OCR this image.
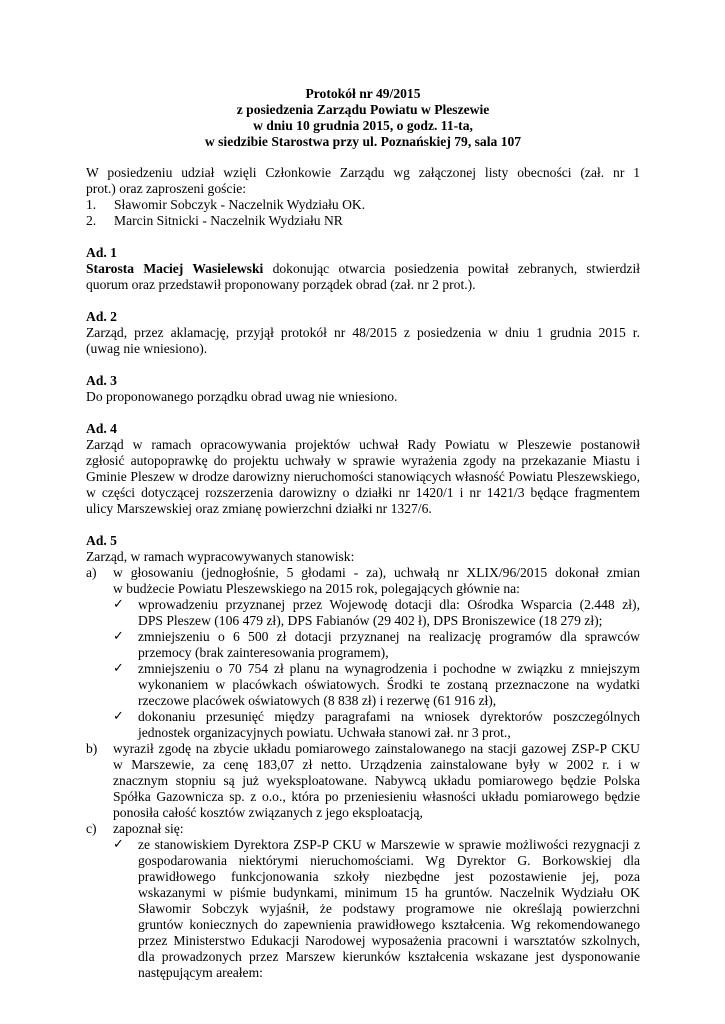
Protokół nr 49/2015
z posiedzenia Zarządu Powiatu w Pleszewie
w dniu 10 grudnia 2015, o godz. 11-ta,
w siedzibie Starostwa przy ul. Poznańskiej 79, sala 107

W posiedzeniu udział wzięli Członkowie Zarządu wg załączonej listy obecności (zał. nr 1

prot.) oraz zaproszeni goście:

1.	Sławomir Sobczyk - Naczelnik Wydziału OK.
2.	Marcin Sitnicki - Naczelnik Wydziału NR

Ad. 1

Starosta Maciej Wasielewski dokonując otwarcia posiedzenia powitał zebranych, stwierdził

quorum oraz przedstawił proponowany porządek obrad (zał. nr 2 prot.).

Ad. 2

Zarząd, przez aklamację, przyjął protokół nr 48/2015 z posiedzenia w dniu 1 grudnia 2015 r.

(uwag nie wniesiono).

Ad. 3

Do proponowanego porządku obrad uwag nie wniesiono.

Ad. 4

Zarząd w ramach opracowywania projektów uchwał Rady Powiatu w Pleszewie postanowił

zgłosić autopoprawkę do projektu uchwały w sprawie wyrażenia zgody na przekazanie Miastu i

Gminie Pleszew w drodze darowizny nieruchomości stanowiących własność Powiatu Pleszewskiego,

w części dotyczącej rozszerzenia darowizny o działki nr 1420/1 i nr 1421/3 będące fragmentem

ulicy Marszewskiej oraz zmianę powierzchni działki nr 1327/6.

Ad. 5

Zarząd, w ramach wypracowywanych stanowisk:

a)	w głosowaniu (jednogłośnie, 5 głodami - za), uchwałą nr XLIX/96/2015 dokonał zmian

w budżecie Powiatu Pleszewskiego na 2015 rok, polegających głównie na:

✓	wprowadzeniu przyznanej przez Wojewodę dotacji dla: Ośrodka Wsparcia (2.448 zł),

DPS Pleszew (106 479 zł), DPS Fabianów (29 402 ł), DPS Broniszewice (18 279 zł);

✓	zmniejszeniu o 6 500 zł dotacji przyznanej na realizację programów dla sprawców

przemocy (brak zainteresowania programem),

✓	zmniejszeniu o 70 754 zł planu na wynagrodzenia i pochodne w związku z mniejszym

wykonaniem w placówkach oświatowych. Środki te zostaną przeznaczone na wydatki

rzeczowe placówek oświatowych (8 838 zł) i rezerwę (61 916 zł),

✓	dokonaniu przesunięć między paragrafami na wniosek dyrektorów poszczególnych

jednostek organizacyjnych powiatu. Uchwała stanowi zał. nr 3 prot.,

b)	wyraził zgodę na zbycie układu pomiarowego zainstalowanego na stacji gazowej ZSP-P CKU

w Marszewie, za cenę 183,07 zł netto. Urządzenia zainstalowane były w 2002 r. i w

znacznym stopniu są już wyeksploatowane. Nabywcą układu pomiarowego będzie Polska

Spółka Gazownicza sp. z o.o., która po przeniesieniu własności układu pomiarowego będzie

ponosiła całość kosztów związanych z jego eksploatacją,

c)	zapoznał się:

✓	ze stanowiskiem Dyrektora ZSP-P CKU w Marszewie w sprawie możliwości rezygnacji z

gospodarowania niektórymi nieruchomościami. Wg Dyrektor G. Borkowskiej dla

prawidłowego funkcjonowania szkoły niezbędne jest pozostawienie jej, poza

wskazanymi w piśmie budynkami, minimum 15 ha gruntów. Naczelnik Wydziału OK

Sławomir Sobczyk wyjaśnił, że podstawy programowe nie określają powierzchni

gruntów koniecznych do zapewnienia prawidłowego kształcenia. Wg rekomendowanego

przez Ministerstwo Edukacji Narodowej wyposażenia pracowni i warsztatów szkolnych,

dla prowadzonych przez Marszew kierunków kształcenia wskazane jest dysponowanie

następującym areałem:
